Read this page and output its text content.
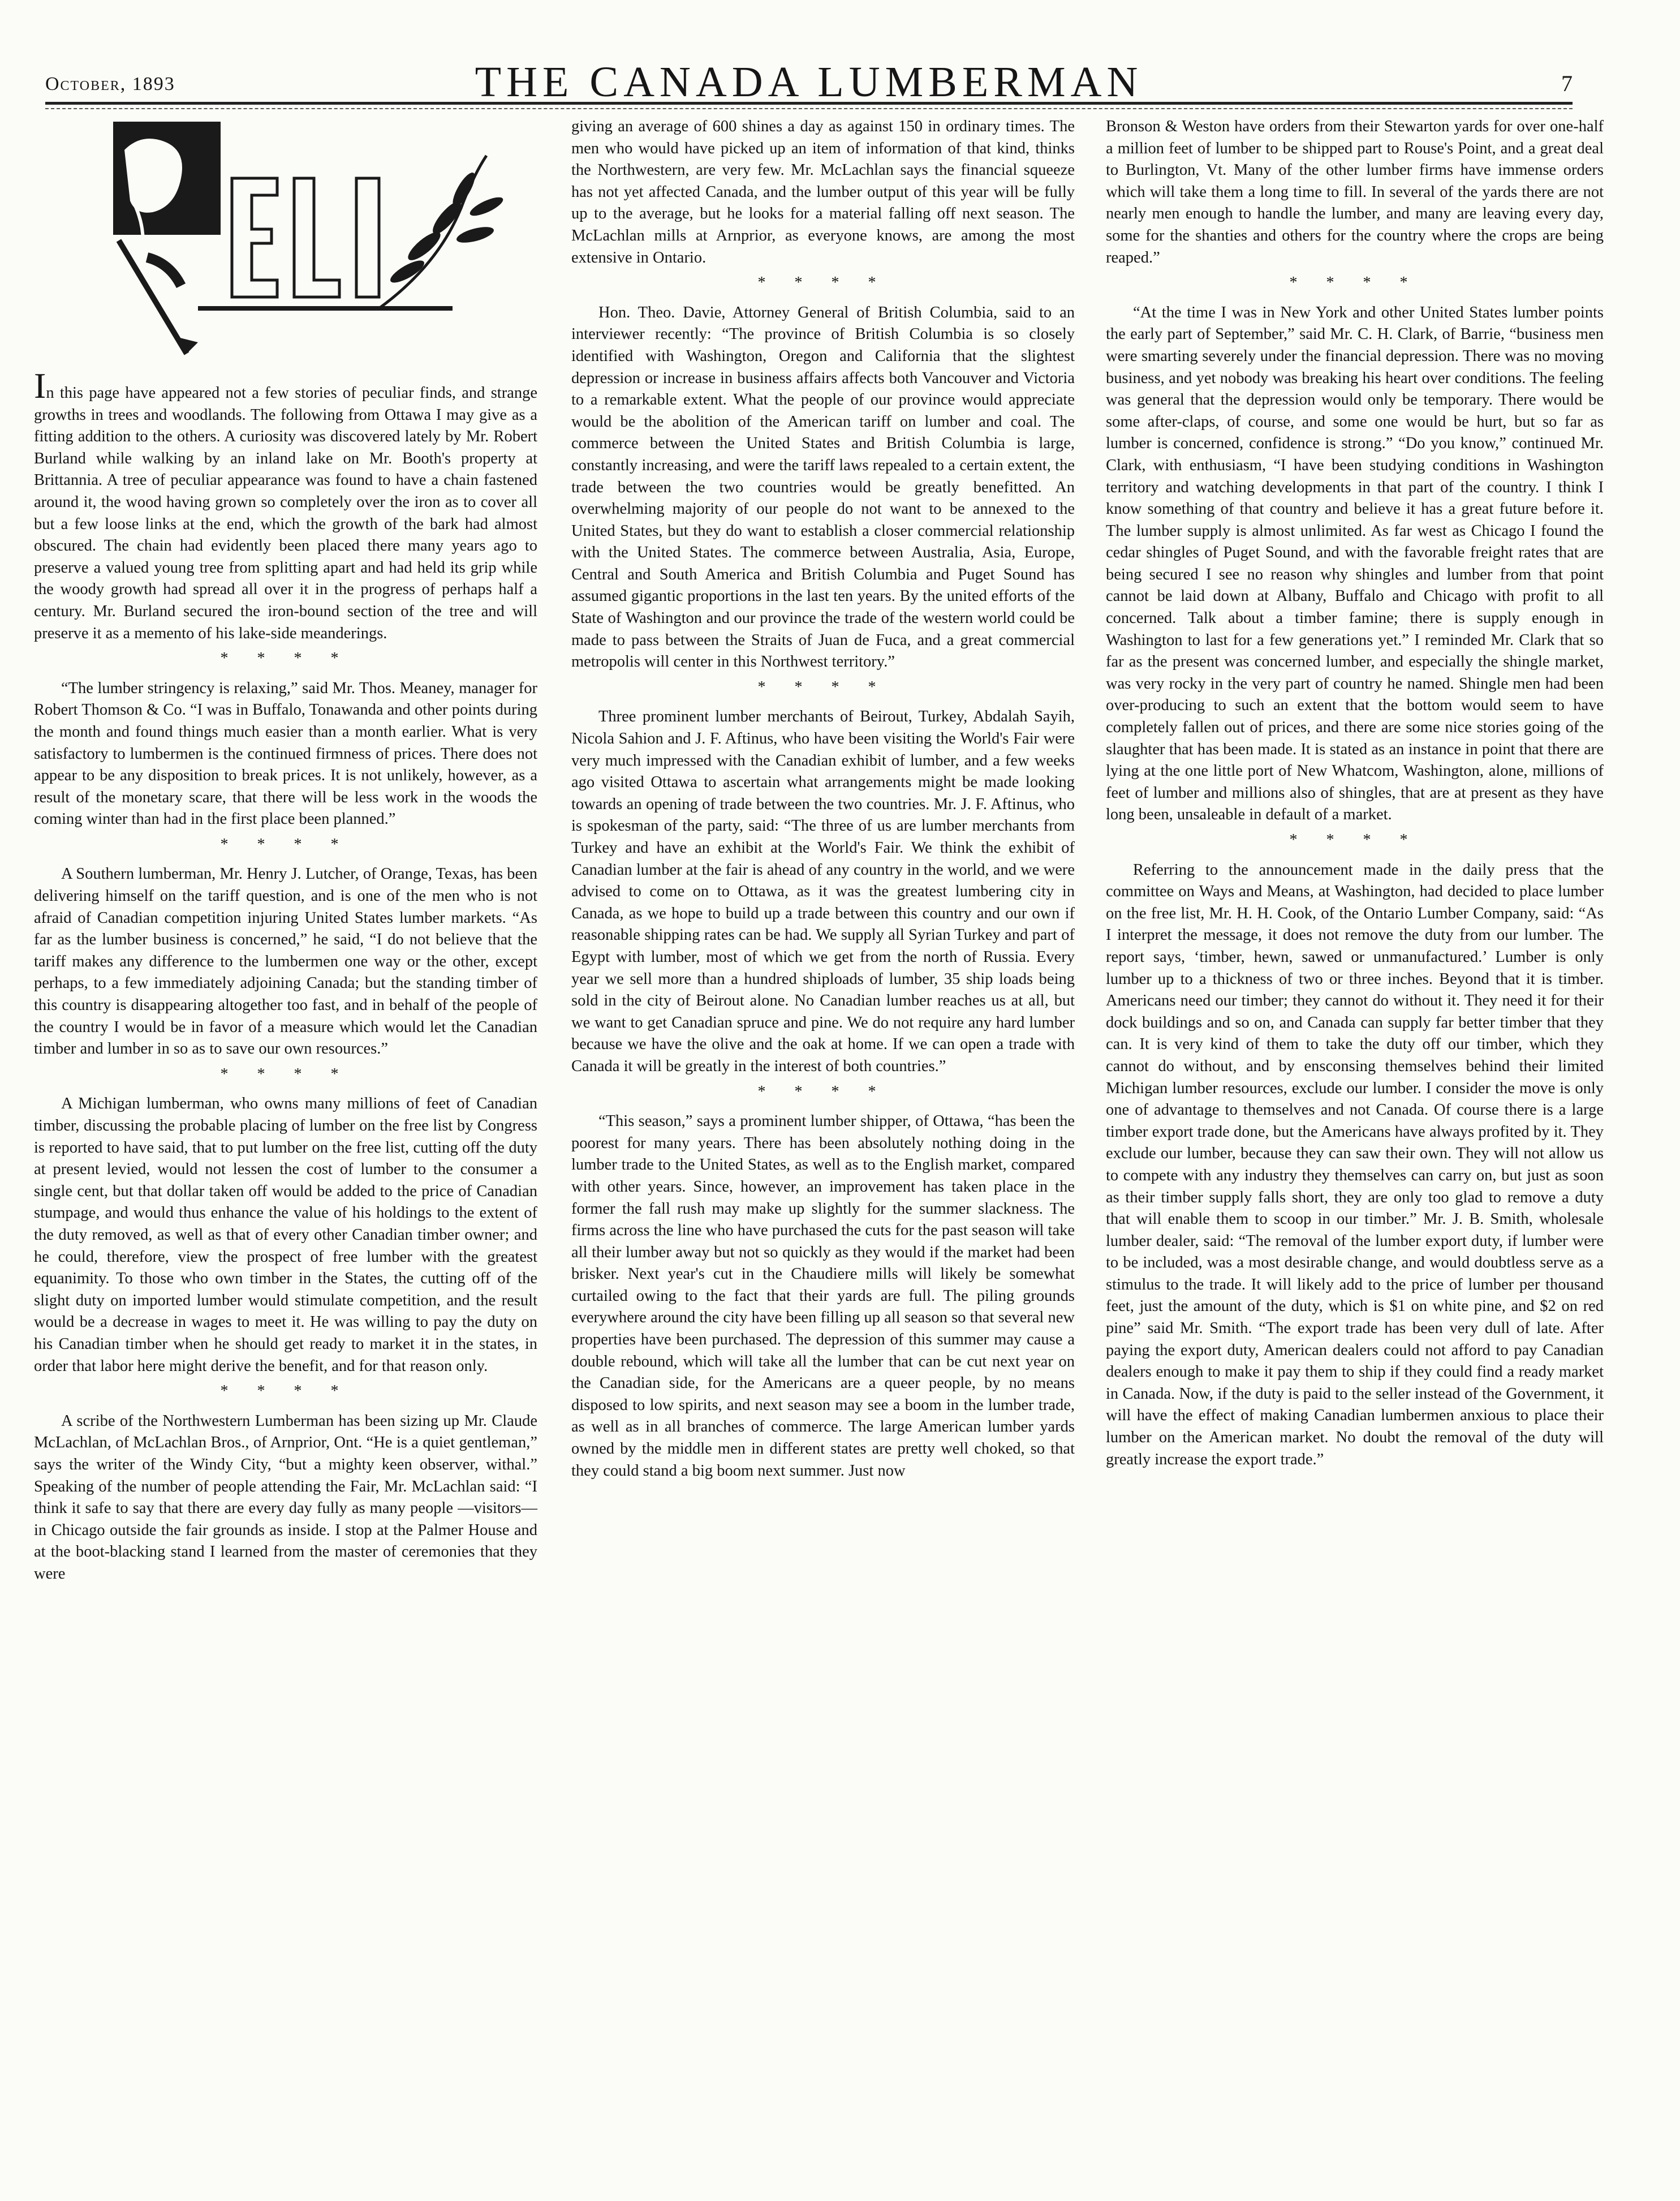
October, 1893	THE CANADA LUMBERMAN	7
ELI

In this page have appeared not a few stories of peculiar finds, and strange growths in trees and woodlands. The following from Ottawa I may give as a fitting addition to the others. A curiosity was discovered lately by Mr. Robert Burland while walking by an inland lake on Mr. Booth's property at Brittannia. A tree of peculiar appearance was found to have a chain fastened around it, the wood having grown so completely over the iron as to cover all but a few loose links at the end, which the growth of the bark had almost obscured. The chain had evidently been placed there many years ago to preserve a valued young tree from splitting apart and had held its grip while the woody growth had spread all over it in the progress of perhaps half a century. Mr. Burland secured the iron-bound section of the tree and will preserve it as a memento of his lake-side meanderings.

* * * *

“The lumber stringency is relaxing,” said Mr. Thos. Meaney, manager for Robert Thomson & Co. “I was in Buffalo, Tonawanda and other points during the month and found things much easier than a month earlier. What is very satisfactory to lumbermen is the continued firmness of prices. There does not appear to be any disposition to break prices. It is not unlikely, however, as a result of the monetary scare, that there will be less work in the woods the coming winter than had in the first place been planned.”

* * * *

A Southern lumberman, Mr. Henry J. Lutcher, of Orange, Texas, has been delivering himself on the tariff question, and is one of the men who is not afraid of Canadian competition injuring United States lumber markets. “As far as the lumber business is concerned,” he said, “I do not believe that the tariff makes any difference to the lumbermen one way or the other, except perhaps, to a few immediately adjoining Canada; but the standing timber of this country is disappearing altogether too fast, and in behalf of the people of the country I would be in favor of a measure which would let the Canadian timber and lumber in so as to save our own resources.”

* * * *

A Michigan lumberman, who owns many millions of feet of Canadian timber, discussing the probable placing of lumber on the free list by Congress is reported to have said, that to put lumber on the free list, cutting off the duty at present levied, would not lessen the cost of lumber to the consumer a single cent, but that dollar taken off would be added to the price of Canadian stumpage, and would thus enhance the value of his holdings to the extent of the duty removed, as well as that of every other Canadian timber owner; and he could, therefore, view the prospect of free lumber with the greatest equanimity. To those who own timber in the States, the cutting off of the slight duty on imported lumber would stimulate competition, and the result would be a decrease in wages to meet it. He was willing to pay the duty on his Canadian timber when he should get ready to market it in the states, in order that labor here might derive the benefit, and for that reason only.

* * * *

A scribe of the Northwestern Lumberman has been sizing up Mr. Claude McLachlan, of McLachlan Bros., of Arnprior, Ont. “He is a quiet gentleman,” says the writer of the Windy City, “but a mighty keen observer, withal.” Speaking of the number of people attending the Fair, Mr. McLachlan said: “I think it safe to say that there are every day fully as many people —visitors—in Chicago outside the fair grounds as inside. I stop at the Palmer House and at the boot-blacking stand I learned from the master of ceremonies that they were

giving an average of 600 shines a day as against 150 in ordinary times. The men who would have picked up an item of information of that kind, thinks the Northwestern, are very few. Mr. McLachlan says the financial squeeze has not yet affected Canada, and the lumber output of this year will be fully up to the average, but he looks for a material falling off next season. The McLachlan mills at Arnprior, as everyone knows, are among the most extensive in Ontario.

* * * *

Hon. Theo. Davie, Attorney General of British Columbia, said to an interviewer recently: “The province of British Columbia is so closely identified with Washington, Oregon and California that the slightest depression or increase in business affairs affects both Vancouver and Victoria to a remarkable extent. What the people of our province would appreciate would be the abolition of the American tariff on lumber and coal. The commerce between the United States and British Columbia is large, constantly increasing, and were the tariff laws repealed to a certain extent, the trade between the two countries would be greatly benefitted. An overwhelming majority of our people do not want to be annexed to the United States, but they do want to establish a closer commercial relationship with the United States. The commerce between Australia, Asia, Europe, Central and South America and British Columbia and Puget Sound has assumed gigantic proportions in the last ten years. By the united efforts of the State of Washington and our province the trade of the western world could be made to pass between the Straits of Juan de Fuca, and a great commercial metropolis will center in this Northwest territory.”

* * * *

Three prominent lumber merchants of Beirout, Turkey, Abdalah Sayih, Nicola Sahion and J. F. Aftinus, who have been visiting the World's Fair were very much impressed with the Canadian exhibit of lumber, and a few weeks ago visited Ottawa to ascertain what arrangements might be made looking towards an opening of trade between the two countries. Mr. J. F. Aftinus, who is spokesman of the party, said: “The three of us are lumber merchants from Turkey and have an exhibit at the World's Fair. We think the exhibit of Canadian lumber at the fair is ahead of any country in the world, and we were advised to come on to Ottawa, as it was the greatest lumbering city in Canada, as we hope to build up a trade between this country and our own if reasonable shipping rates can be had. We supply all Syrian Turkey and part of Egypt with lumber, most of which we get from the north of Russia. Every year we sell more than a hundred shiploads of lumber, 35 ship loads being sold in the city of Beirout alone. No Canadian lumber reaches us at all, but we want to get Canadian spruce and pine. We do not require any hard lumber because we have the olive and the oak at home. If we can open a trade with Canada it will be greatly in the interest of both countries.”

* * * *

“This season,” says a prominent lumber shipper, of Ottawa, “has been the poorest for many years. There has been absolutely nothing doing in the lumber trade to the United States, as well as to the English market, compared with other years. Since, however, an improvement has taken place in the former the fall rush may make up slightly for the summer slackness. The firms across the line who have purchased the cuts for the past season will take all their lumber away but not so quickly as they would if the market had been brisker. Next year's cut in the Chaudiere mills will likely be somewhat curtailed owing to the fact that their yards are full. The piling grounds everywhere around the city have been filling up all season so that several new properties have been purchased. The depression of this summer may cause a double rebound, which will take all the lumber that can be cut next year on the Canadian side, for the Americans are a queer people, by no means disposed to low spirits, and next season may see a boom in the lumber trade, as well as in all branches of commerce. The large American lumber yards owned by the middle men in different states are pretty well choked, so that they could stand a big boom next summer. Just now

Bronson & Weston have orders from their Stewarton yards for over one-half a million feet of lumber to be shipped part to Rouse's Point, and a great deal to Burlington, Vt. Many of the other lumber firms have immense orders which will take them a long time to fill. In several of the yards there are not nearly men enough to handle the lumber, and many are leaving every day, some for the shanties and others for the country where the crops are being reaped.”

* * * *

“At the time I was in New York and other United States lumber points the early part of September,” said Mr. C. H. Clark, of Barrie, “business men were smarting severely under the financial depression. There was no moving business, and yet nobody was breaking his heart over conditions. The feeling was general that the depression would only be temporary. There would be some after-claps, of course, and some one would be hurt, but so far as lumber is concerned, confidence is strong.” “Do you know,” continued Mr. Clark, with enthusiasm, “I have been studying conditions in Washington territory and watching developments in that part of the country. I think I know something of that country and believe it has a great future before it. The lumber supply is almost unlimited. As far west as Chicago I found the cedar shingles of Puget Sound, and with the favorable freight rates that are being secured I see no reason why shingles and lumber from that point cannot be laid down at Albany, Buffalo and Chicago with profit to all concerned. Talk about a timber famine; there is supply enough in Washington to last for a few generations yet.” I reminded Mr. Clark that so far as the present was concerned lumber, and especially the shingle market, was very rocky in the very part of country he named. Shingle men had been over-producing to such an extent that the bottom would seem to have completely fallen out of prices, and there are some nice stories going of the slaughter that has been made. It is stated as an instance in point that there are lying at the one little port of New Whatcom, Washington, alone, millions of feet of lumber and millions also of shingles, that are at present as they have long been, unsaleable in default of a market.

* * * *

Referring to the announcement made in the daily press that the committee on Ways and Means, at Washington, had decided to place lumber on the free list, Mr. H. H. Cook, of the Ontario Lumber Company, said: “As I interpret the message, it does not remove the duty from our lumber. The report says, ‘timber, hewn, sawed or unmanufactured.’ Lumber is only lumber up to a thickness of two or three inches. Beyond that it is timber. Americans need our timber; they cannot do without it. They need it for their dock buildings and so on, and Canada can supply far better timber that they can. It is very kind of them to take the duty off our timber, which they cannot do without, and by ensconsing themselves behind their limited Michigan lumber resources, exclude our lumber. I consider the move is only one of advantage to themselves and not Canada. Of course there is a large timber export trade done, but the Americans have always profited by it. They exclude our lumber, because they can saw their own. They will not allow us to compete with any industry they themselves can carry on, but just as soon as their timber supply falls short, they are only too glad to remove a duty that will enable them to scoop in our timber.” Mr. J. B. Smith, wholesale lumber dealer, said: “The removal of the lumber export duty, if lumber were to be included, was a most desirable change, and would doubtless serve as a stimulus to the trade. It will likely add to the price of lumber per thousand feet, just the amount of the duty, which is $1 on white pine, and $2 on red pine” said Mr. Smith. “The export trade has been very dull of late. After paying the export duty, American dealers could not afford to pay Canadian dealers enough to make it pay them to ship if they could find a ready market in Canada. Now, if the duty is paid to the seller instead of the Government, it will have the effect of making Canadian lumbermen anxious to place their lumber on the American market. No doubt the removal of the duty will greatly increase the export trade.”
